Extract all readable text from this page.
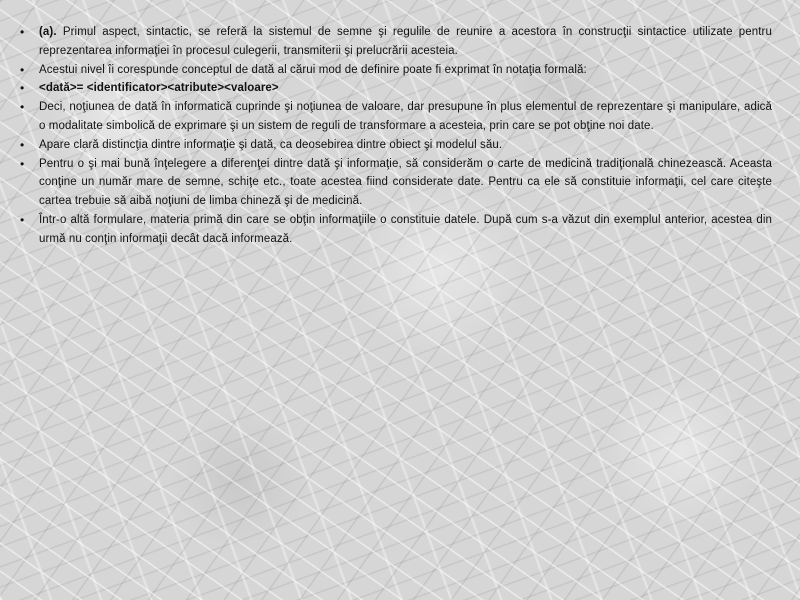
•	(a). Primul aspect, sintactic, se referă la sistemul de semne şi regulile de reunire a acestora în construcţii sintactice utilizate pentru reprezentarea informaţiei în procesul culegerii, transmiterii şi prelucrării acesteia.
•	Acestui nivel îi corespunde conceptul de dată al cărui mod de definire poate fi exprimat în notaţia formală:
•	<dată>= <identificator><atribute><valoare>
•	Deci, noţiunea de dată în informatică cuprinde şi noţiunea de valoare, dar presupune în plus elementul de reprezentare şi manipulare, adică o modalitate simbolică de exprimare şi un sistem de reguli de transformare a acesteia, prin care se pot obţine noi date.
•	Apare clară distincţia dintre informaţie şi dată, ca deosebirea dintre obiect şi modelul său.
•	Pentru o şi mai bună înţelegere a diferenţei dintre dată şi informaţie, să considerăm o carte de medicină tradiţională chinezească. Aceasta conţine un număr mare de semne, schiţe etc., toate acestea fiind considerate date. Pentru ca ele să constituie informaţii, cel care citeşte cartea trebuie să aibă noţiuni de limba chineză şi de medicină.
•	Într-o altă formulare, materia primă din care se obţin informaţiile o constituie datele. După cum s-a văzut din exemplul anterior, acestea din urmă nu conţin informaţii decât dacă informează.
